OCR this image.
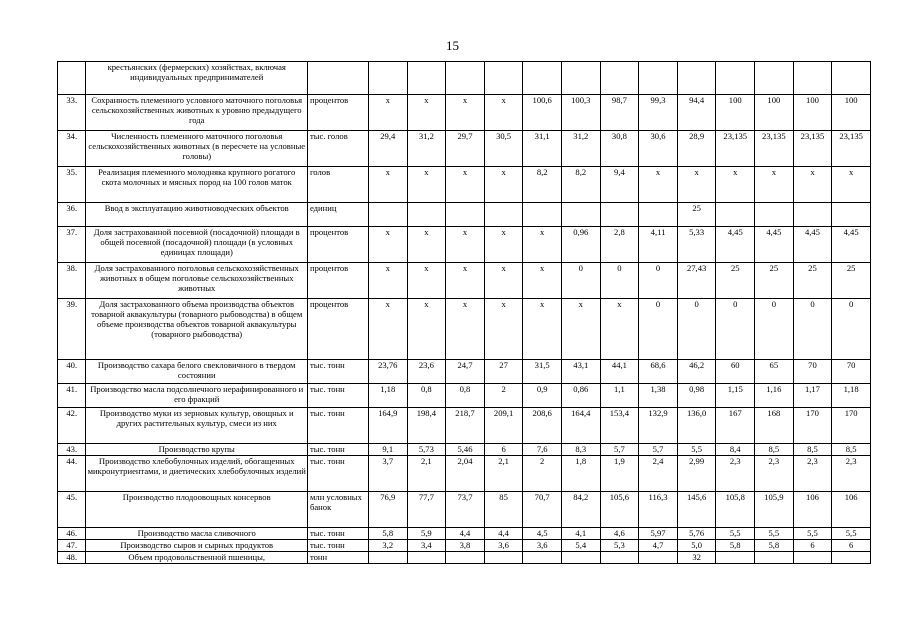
15
	крестьянских (фермерских) хозяйствах, включая индивидуальных предпринимателей														
33.	Сохранность племенного условного маточного поголовья сельскохозяйственных животных к уровню предыдущего года	процентов	х	х	х	х	100,6	100,3	98,7	99,3	94,4	100	100	100	100
34.	Численность племенного маточного поголовья сельскохозяйственных животных (в пересчете на условные головы)	тыс. голов	29,4	31,2	29,7	30,5	31,1	31,2	30,8	30,6	28,9	23,135	23,135	23,135	23,135
35.	Реализация племенного молодняка крупного рогатого скота молочных и мясных пород на 100 голов маток	голов	х	х	х	х	8,2	8,2	9,4	х	х	х	х	х	х
36.	Ввод в эксплуатацию животноводческих объектов	единиц									25				
37.	Доля застрахованной посевной (посадочной) площади в общей посевной (посадочной) площади (в условных единицах площади)	процентов	х	х	х	х	х	0,96	2,8	4,11	5,33	4,45	4,45	4,45	4,45
38.	Доля застрахованного поголовья сельскохозяйственных животных в общем поголовье сельскохозяйственных животных	процентов	х	х	х	х	х	0	0	0	27,43	25	25	25	25
39.	Доля застрахованного объема производства объектов товарной аквакультуры (товарного рыбоводства) в общем объеме производства объектов товарной аквакультуры (товарного рыбоводства)	процентов	х	х	х	х	х	х	х	0	0	0	0	0	0
40.	Производство сахара белого свекловичного в твердом состоянии	тыс. тонн	23,76	23,6	24,7	27	31,5	43,1	44,1	68,6	46,2	60	65	70	70
41.	Производство масла подсолнечного нерафинированного и его фракций	тыс. тонн	1,18	0,8	0,8	2	0,9	0,86	1,1	1,38	0,98	1,15	1,16	1,17	1,18
42.	Производство муки из зерновых культур, овощных и других растительных культур, смеси из них	тыс. тонн	164,9	198,4	218,7	209,1	208,6	164,4	153,4	132,9	136,0	167	168	170	170
43.	Производство крупы	тыс. тонн	9,1	5,73	5,46	6	7,6	8,3	5,7	5,7	5,5	8,4	8,5	8,5	8,5
44.	Производство хлебобулочных изделий, обогащенных микронутриентами, и диетических хлебобулочных изделий	тыс. тонн	3,7	2,1	2,04	2,1	2	1,8	1,9	2,4	2,99	2,3	2,3	2,3	2,3
45.	Производство плодоовощных консервов	млн условных банок	76,9	77,7	73,7	85	70,7	84,2	105,6	116,3	145,6	105,8	105,9	106	106
46.	Производство масла сливочного	тыс. тонн	5,8	5,9	4,4	4,4	4,5	4,1	4,6	5,97	5,76	5,5	5,5	5,5	5,5
47.	Производство сыров и сырных продуктов	тыс. тонн	3,2	3,4	3,8	3,6	3,6	5,4	5,3	4,7	5,0	5,8	5,8	6	6
48.	Объем продовольственной пшеницы,	тонн									32				
